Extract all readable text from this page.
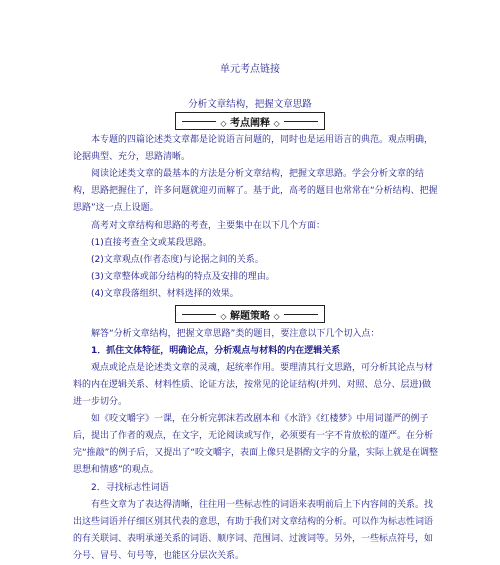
单元考点链接
分析文章结构，把握文章思路
◇ 考点阐释 ◇

本专题的四篇论述类文章都是论说语言问题的，同时也是运用语言的典范。观点明确，论据典型、充分，思路清晰。

阅读论述类文章的最基本的方法是分析文章结构，把握文章思路。学会分析文章的结构，思路把握住了，许多问题就迎刃而解了。基于此，高考的题目也常常在“分析结构、把握思路”这一点上设题。

高考对文章结构和思路的考查，主要集中在以下几个方面：

(1)直接考查全文或某段思路。

(2)文章观点(作者态度)与论据之间的关系。

(3)文章整体或部分结构的特点及安排的理由。

(4)文章段落组织、材料选择的效果。

◇ 解题策略 ◇

解答“分析文章结构，把握文章思路”类的题目，要注意以下几个切入点：

1．抓住文体特征，明确论点，分析观点与材料的内在逻辑关系

观点或论点是论述类文章的灵魂，起统率作用。要理清其行文思路，可分析其论点与材料的内在逻辑关系、材料性质、论证方法，按常见的论证结构(并列、对照、总分、层进)做进一步切分。

如《咬文嚼字》一课，在分析完郭沫若改剧本和《水浒》《红楼梦》中用词谨严的例子后，提出了作者的观点，在文字，无论阅读或写作，必须要有一字不肯放松的谨严。在分析完“推敲”的例子后，又提出了“咬文嚼字，表面上像只是斟酌文字的分量，实际上就是在调整思想和情感”的观点。

2．寻找标志性词语

有些文章为了表达得清晰，往往用一些标志性的词语来表明前后上下内容间的关系。找出这些词语并仔细区别其代表的意思，有助于我们对文章结构的分析。可以作为标志性词语的有关联词、表明承递关系的词语、顺序词、范围词、过渡词等。另外，一些标点符号，如分号、冒号、句号等，也能区分层次关系。
